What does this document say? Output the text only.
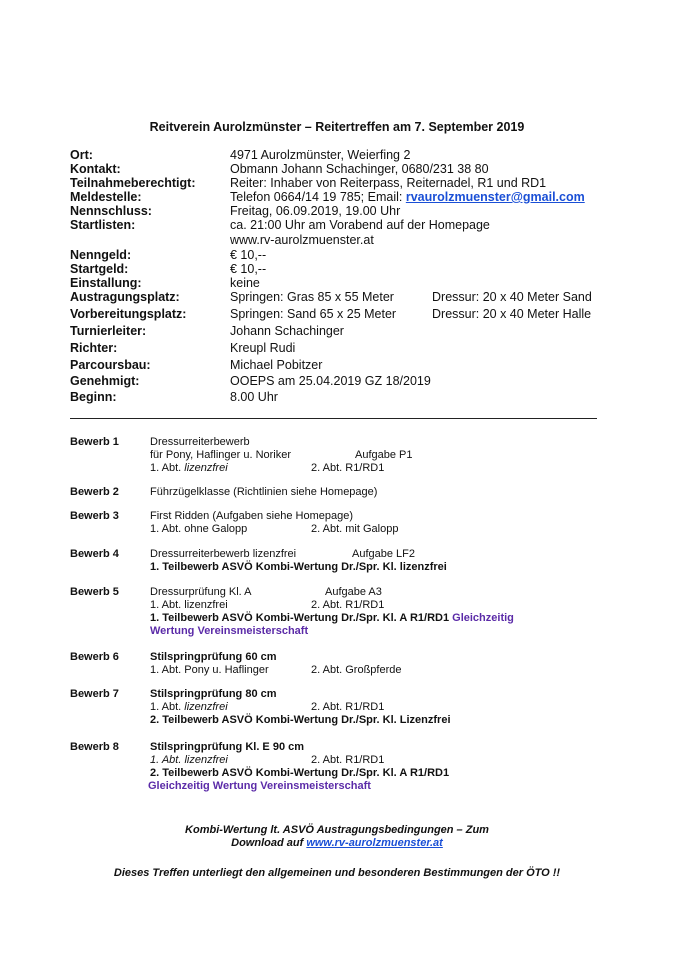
Reitverein Aurolzmünster – Reitertreffen am 7. September 2019
Ort:	4971 Aurolzmünster, Weierfing 2
Kontakt:	Obmann Johann Schachinger, 0680/231 38 80
Teilnahmeberechtigt:	Reiter: Inhaber von Reiterpass, Reiternadel, R1 und RD1
Meldestelle:	Telefon 0664/14 19 785; Email: rvaurolzmuenster@gmail.com
Nennschluss:	Freitag, 06.09.2019, 19.00 Uhr
Startlisten:	ca. 21:00 Uhr am Vorabend auf der Homepage
www.rv-aurolzmuenster.at
Nenngeld:	€ 10,--
Startgeld:	€ 10,--
Einstallung:	keine
Austragungsplatz:	Springen: Gras 85 x 55 Meter	Dressur: 20 x 40 Meter Sand
Vorbereitungsplatz:	Springen: Sand 65 x 25 Meter	Dressur: 20 x 40 Meter Halle
Turnierleiter:	Johann Schachinger
Richter:	Kreupl Rudi
Parcoursbau:	Michael Pobitzer
Genehmigt:	OOEPS am 25.04.2019 GZ 18/2019
Beginn:	8.00 Uhr
Bewerb 1	Dressurreiterbewerb
für Pony, Haflinger u. Noriker	Aufgabe P1
1. Abt. lizenzfrei	2. Abt. R1/RD1
Bewerb 2	Führzügelklasse (Richtlinien siehe Homepage)
Bewerb 3	First Ridden (Aufgaben siehe Homepage)
1. Abt. ohne Galopp	2. Abt. mit Galopp
Bewerb 4	Dressurreiterbewerb lizenzfrei	Aufgabe LF2
1. Teilbewerb ASVÖ Kombi-Wertung Dr./Spr. Kl. lizenzfrei
Bewerb 5	Dressurprüfung Kl. A	Aufgabe A3
1. Abt. lizenzfrei	2. Abt. R1/RD1
1. Teilbewerb ASVÖ Kombi-Wertung Dr./Spr. Kl. A R1/RD1 Gleichzeitig
Wertung Vereinsmeisterschaft
Bewerb 6	Stilspringprüfung 60 cm
1. Abt. Pony u. Haflinger	2. Abt. Großpferde
Bewerb 7	Stilspringprüfung 80 cm
1. Abt. lizenzfrei	2. Abt. R1/RD1
2. Teilbewerb ASVÖ Kombi-Wertung Dr./Spr. Kl. Lizenzfrei
Bewerb 8	Stilspringprüfung Kl. E 90 cm
1. Abt. lizenzfrei	2. Abt. R1/RD1
2. Teilbewerb ASVÖ Kombi-Wertung Dr./Spr. Kl. A R1/RD1
Gleichzeitig Wertung Vereinsmeisterschaft
Kombi-Wertung lt. ASVÖ Austragungsbedingungen – Zum
Download auf www.rv-aurolzmuenster.at
Dieses Treffen unterliegt den allgemeinen und besonderen Bestimmungen der ÖTO !!
